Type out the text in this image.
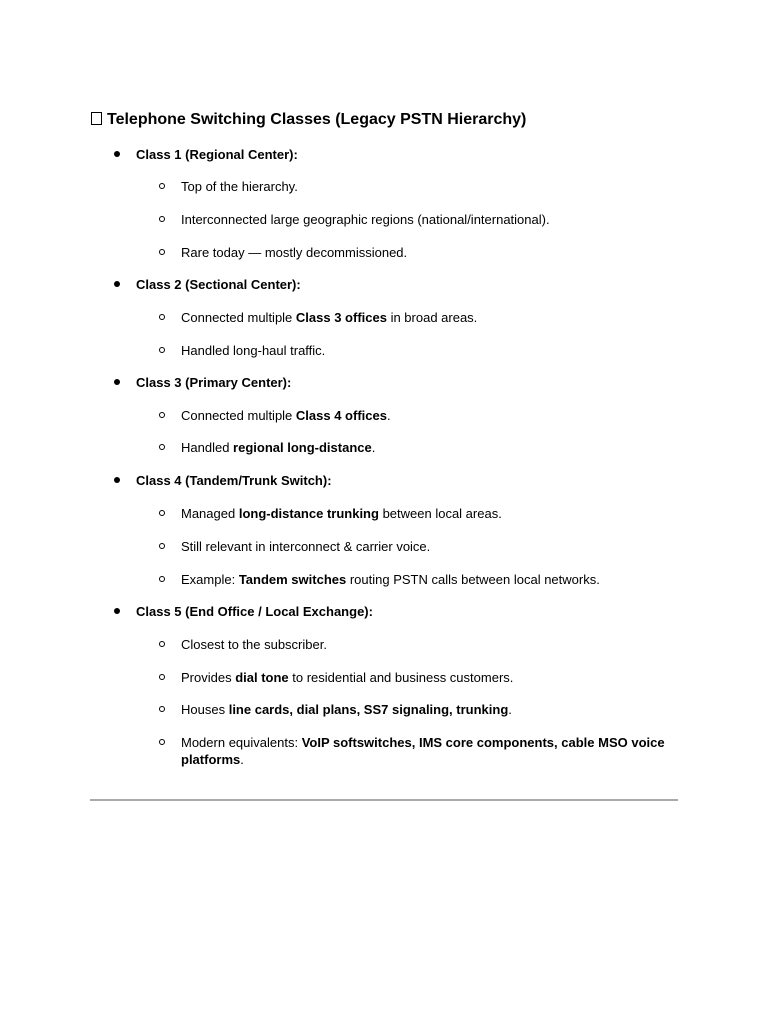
Telephone Switching Classes (Legacy PSTN Hierarchy)
Class 1 (Regional Center):
Top of the hierarchy.
Interconnected large geographic regions (national/international).
Rare today — mostly decommissioned.
Class 2 (Sectional Center):
Connected multiple Class 3 offices in broad areas.
Handled long-haul traffic.
Class 3 (Primary Center):
Connected multiple Class 4 offices.
Handled regional long-distance.
Class 4 (Tandem/Trunk Switch):
Managed long-distance trunking between local areas.
Still relevant in interconnect & carrier voice.
Example: Tandem switches routing PSTN calls between local networks.
Class 5 (End Office / Local Exchange):
Closest to the subscriber.
Provides dial tone to residential and business customers.
Houses line cards, dial plans, SS7 signaling, trunking.
Modern equivalents: VoIP softswitches, IMS core components, cable MSO voice platforms.
